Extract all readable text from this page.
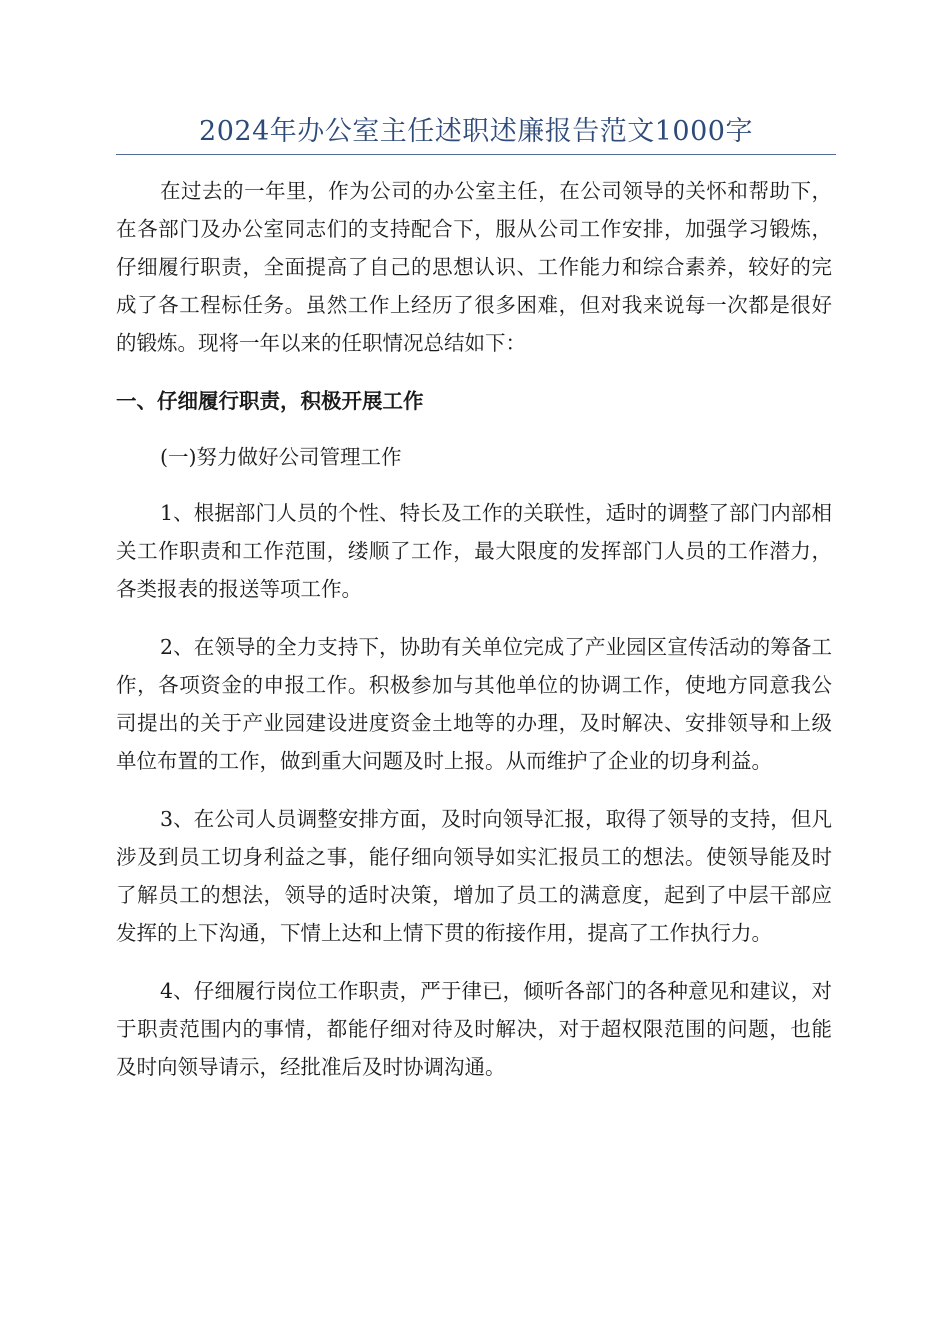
2024年办公室主任述职述廉报告范文1000字

在过去的一年里，作为公司的办公室主任，在公司领导的关怀和帮助下，在各部门及办公室同志们的支持配合下，服从公司工作安排，加强学习锻炼，仔细履行职责，全面提高了自己的思想认识、工作能力和综合素养，较好的完成了各工程标任务。虽然工作上经历了很多困难，但对我来说每一次都是很好的锻炼。现将一年以来的任职情况总结如下：

一、仔细履行职责，积极开展工作

(一)努力做好公司管理工作

1、根据部门人员的个性、特长及工作的关联性，适时的调整了部门内部相关工作职责和工作范围，缕顺了工作，最大限度的发挥部门人员的工作潜力，各类报表的报送等项工作。

2、在领导的全力支持下，协助有关单位完成了产业园区宣传活动的筹备工作，各项资金的申报工作。积极参加与其他单位的协调工作，使地方同意我公司提出的关于产业园建设进度资金土地等的办理，及时解决、安排领导和上级单位布置的工作，做到重大问题及时上报。从而维护了企业的切身利益。

3、在公司人员调整安排方面，及时向领导汇报，取得了领导的支持，但凡涉及到员工切身利益之事，能仔细向领导如实汇报员工的想法。使领导能及时了解员工的想法，领导的适时决策，增加了员工的满意度，起到了中层干部应发挥的上下沟通，下情上达和上情下贯的衔接作用，提高了工作执行力。

4、仔细履行岗位工作职责，严于律已，倾听各部门的各种意见和建议，对于职责范围内的事情，都能仔细对待及时解决，对于超权限范围的问题，也能及时向领导请示，经批准后及时协调沟通。
